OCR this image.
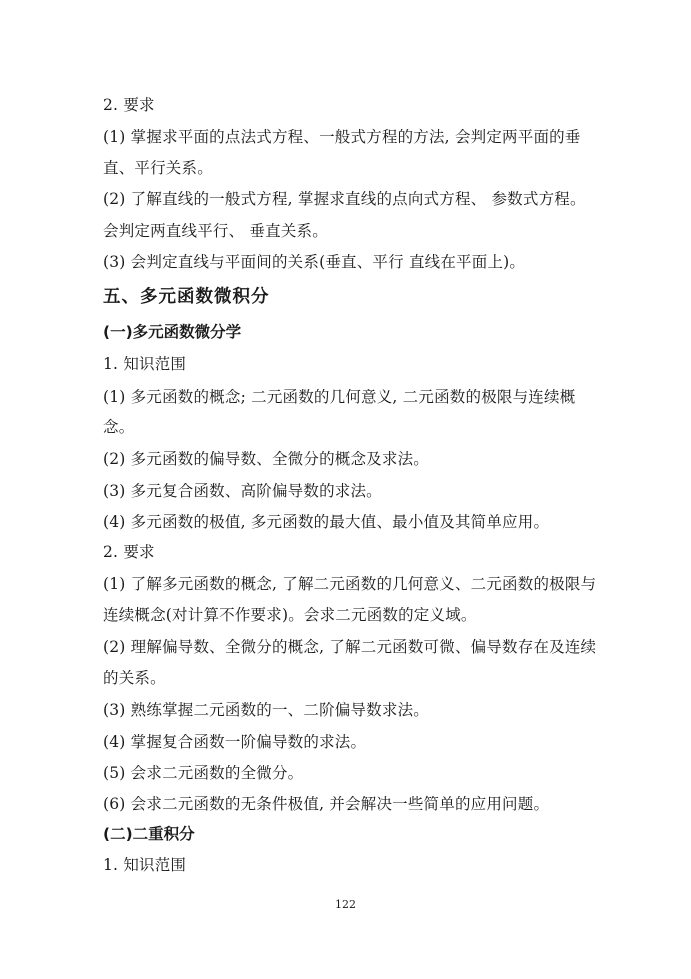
2. 要求

(1) 掌握求平面的点法式方程、一般式方程的方法, 会判定两平面的垂

直、平行关系。

(2) 了解直线的一般式方程, 掌握求直线的点向式方程、 参数式方程。

会判定两直线平行、 垂直关系。

(3) 会判定直线与平面间的关系(垂直、平行 直线在平面上)。

五、多元函数微积分
(一)多元函数微分学

1. 知识范围

(1) 多元函数的概念; 二元函数的几何意义, 二元函数的极限与连续概

念。

(2) 多元函数的偏导数、全微分的概念及求法。

(3) 多元复合函数、高阶偏导数的求法。

(4) 多元函数的极值, 多元函数的最大值、最小值及其简单应用。

2. 要求

(1) 了解多元函数的概念, 了解二元函数的几何意义、二元函数的极限与

连续概念(对计算不作要求)。会求二元函数的定义域。

(2) 理解偏导数、全微分的概念, 了解二元函数可微、偏导数存在及连续

的关系。

(3) 熟练掌握二元函数的一、二阶偏导数求法。

(4) 掌握复合函数一阶偏导数的求法。

(5) 会求二元函数的全微分。

(6) 会求二元函数的无条件极值, 并会解决一些简单的应用问题。

(二)二重积分

1. 知识范围

122
